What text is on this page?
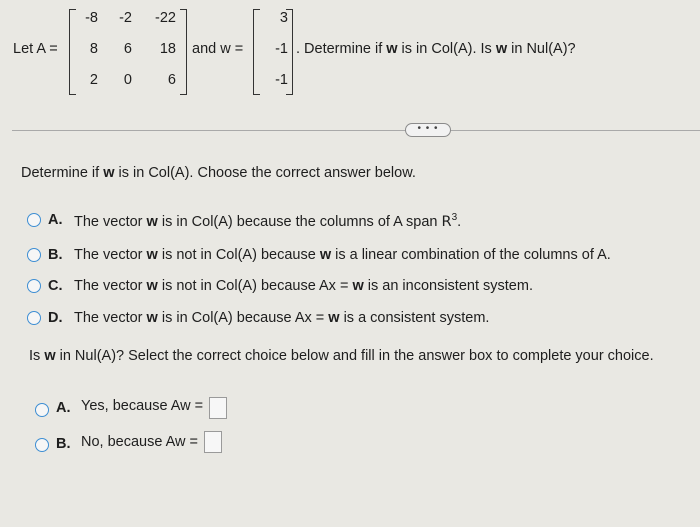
Let A =
-8	-2	-22
8	6	18
2	0	6
and w =
3
-1
-1
. Determine if w is in Col(A). Is w in Nul(A)?
• • •
Determine if w is in Col(A). Choose the correct answer below.
A. The vector w is in Col(A) because the columns of A span $R^3$.
B. The vector w is not in Col(A) because w is a linear combination of the columns of A.
C. The vector w is not in Col(A) because Ax = w is an inconsistent system.
D. The vector w is in Col(A) because Ax = w is a consistent system.
Is w in Nul(A)? Select the correct choice below and fill in the answer box to complete your choice.
A. Yes, because Aw =
B. No, because Aw =
